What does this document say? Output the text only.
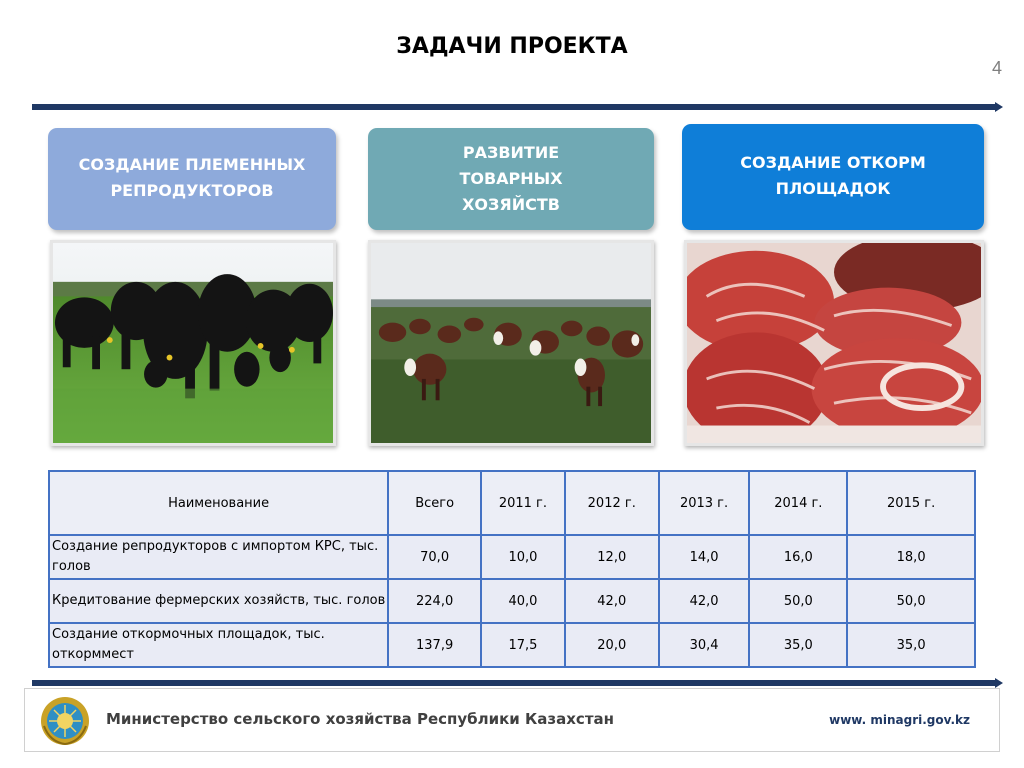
ЗАДАЧИ ПРОЕКТА
4
СОЗДАНИЕ ПЛЕМЕННЫХ
РЕПРОДУКТОРОВ
РАЗВИТИЕ
ТОВАРНЫХ
ХОЗЯЙСТВ
СОЗДАНИЕ ОТКОРМ
ПЛОЩАДОК
Наименование	Всего	2011 г.	2012 г.	2013 г.	2014 г.	2015 г.
Создание репродукторов с импортом КРС, тыс. голов	70,0	10,0	12,0	14,0	16,0	18,0
Кредитование фермерских хозяйств, тыс. голов	224,0	40,0	42,0	42,0	50,0	50,0
Создание откормочных площадок, тыс. откорммест‌	137,9	17,5	20,0	30,4	35,0	35,0
Министерство сельского хозяйства Республики Казахстан	www. minagri.gov.kz
